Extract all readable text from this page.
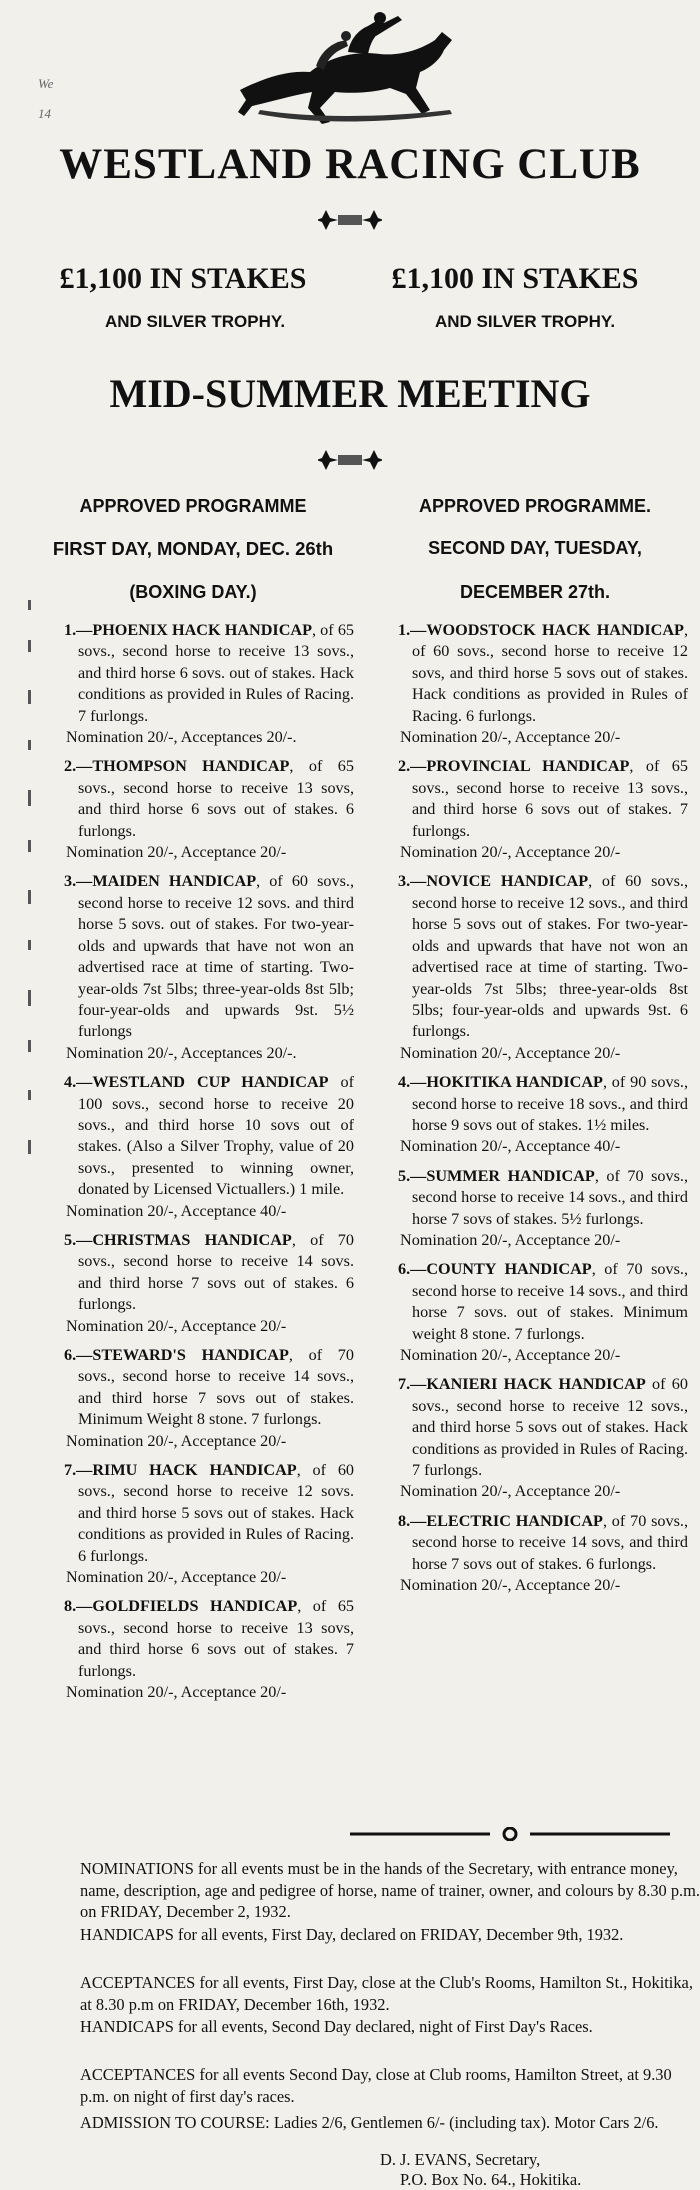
We
14
WESTLAND RACING CLUB
£1,100 IN STAKES	£1,100 IN STAKES
AND SILVER TROPHY.	AND SILVER TROPHY.
MID-SUMMER MEETING
APPROVED PROGRAMME
FIRST DAY, MONDAY, DEC. 26th
(BOXING DAY.)
APPROVED PROGRAMME.
SECOND DAY, TUESDAY,
DECEMBER 27th.
1.—PHOENIX HACK HANDICAP, of 65 sovs., second horse to receive 13 sovs., and third horse 6 sovs. out of stakes. Hack conditions as provided in Rules of Racing. 7 furlongs.
Nomination 20/-, Acceptances 20/-.
2.—THOMPSON HANDICAP, of 65 sovs., second horse to receive 13 sovs, and third horse 6 sovs out of stakes. 6 furlongs.
Nomination 20/-, Acceptance 20/-
3.—MAIDEN HANDICAP, of 60 sovs., second horse to receive 12 sovs. and third horse 5 sovs. out of stakes. For two-year-olds and upwards that have not won an advertised race at time of starting. Two-year-olds 7st 5lbs; three-year-olds 8st 5lb; four-year-olds and upwards 9st. 5½ furlongs
Nomination 20/-, Acceptances 20/-.
4.—WESTLAND CUP HANDICAP of 100 sovs., second horse to receive 20 sovs., and third horse 10 sovs out of stakes. (Also a Silver Trophy, value of 20 sovs., presented to winning owner, donated by Licensed Victuallers.) 1 mile.
Nomination 20/-, Acceptance 40/-
5.—CHRISTMAS HANDICAP, of 70 sovs., second horse to receive 14 sovs. and third horse 7 sovs out of stakes. 6 furlongs.
Nomination 20/-, Acceptance 20/-
6.—STEWARD'S HANDICAP, of 70 sovs., second horse to receive 14 sovs., and third horse 7 sovs out of stakes. Minimum Weight 8 stone. 7 furlongs.
Nomination 20/-, Acceptance 20/-
7.—RIMU HACK HANDICAP, of 60 sovs., second horse to receive 12 sovs. and third horse 5 sovs out of stakes. Hack conditions as provided in Rules of Racing. 6 furlongs.
Nomination 20/-, Acceptance 20/-
8.—GOLDFIELDS HANDICAP, of 65 sovs., second horse to receive 13 sovs, and third horse 6 sovs out of stakes. 7 furlongs.
Nomination 20/-, Acceptance 20/-
1.—WOODSTOCK HACK HANDICAP, of 60 sovs., second horse to receive 12 sovs, and third horse 5 sovs out of stakes. Hack conditions as provided in Rules of Racing. 6 furlongs.
Nomination 20/-, Acceptance 20/-
2.—PROVINCIAL HANDICAP, of 65 sovs., second horse to receive 13 sovs., and third horse 6 sovs out of stakes. 7 furlongs.
Nomination 20/-, Acceptance 20/-
3.—NOVICE HANDICAP, of 60 sovs., second horse to receive 12 sovs., and third horse 5 sovs out of stakes. For two-year-olds and upwards that have not won an advertised race at time of starting. Two-year-olds 7st 5lbs; three-year-olds 8st 5lbs; four-year-olds and upwards 9st. 6 furlongs.
Nomination 20/-, Acceptance 20/-
4.—HOKITIKA HANDICAP, of 90 sovs., second horse to receive 18 sovs., and third horse 9 sovs out of stakes. 1½ miles.
Nomination 20/-, Acceptance 40/-
5.—SUMMER HANDICAP, of 70 sovs., second horse to receive 14 sovs., and third horse 7 sovs of stakes. 5½ furlongs.
Nomination 20/-, Acceptance 20/-
6.—COUNTY HANDICAP, of 70 sovs., second horse to receive 14 sovs., and third horse 7 sovs. out of stakes. Minimum weight 8 stone. 7 furlongs.
Nomination 20/-, Acceptance 20/-
7.—KANIERI HACK HANDICAP of 60 sovs., second horse to receive 12 sovs., and third horse 5 sovs out of stakes. Hack conditions as provided in Rules of Racing. 7 furlongs.
Nomination 20/-, Acceptance 20/-
8.—ELECTRIC HANDICAP, of 70 sovs., second horse to receive 14 sovs, and third horse 7 sovs out of stakes. 6 furlongs.
Nomination 20/-, Acceptance 20/-

NOMINATIONS for all events must be in the hands of the Secretary, with entrance money, name, description, age and pedigree of horse, name of trainer, owner, and colours by 8.30 p.m. on FRIDAY, December 2, 1932.

HANDICAPS for all events, First Day, declared on FRIDAY, December 9th, 1932.

ACCEPTANCES for all events, First Day, close at the Club's Rooms, Hamilton St., Hokitika, at 8.30 p.m on FRIDAY, December 16th, 1932.

HANDICAPS for all events, Second Day declared, night of First Day's Races.

ACCEPTANCES for all events Second Day, close at Club rooms, Hamilton Street, at 9.30 p.m. on night of first day's races.

ADMISSION TO COURSE: Ladies 2/6, Gentlemen 6/- (including tax). Motor Cars 2/6.

D. J. EVANS, Secretary,
P.O. Box No. 64., Hokitika.
